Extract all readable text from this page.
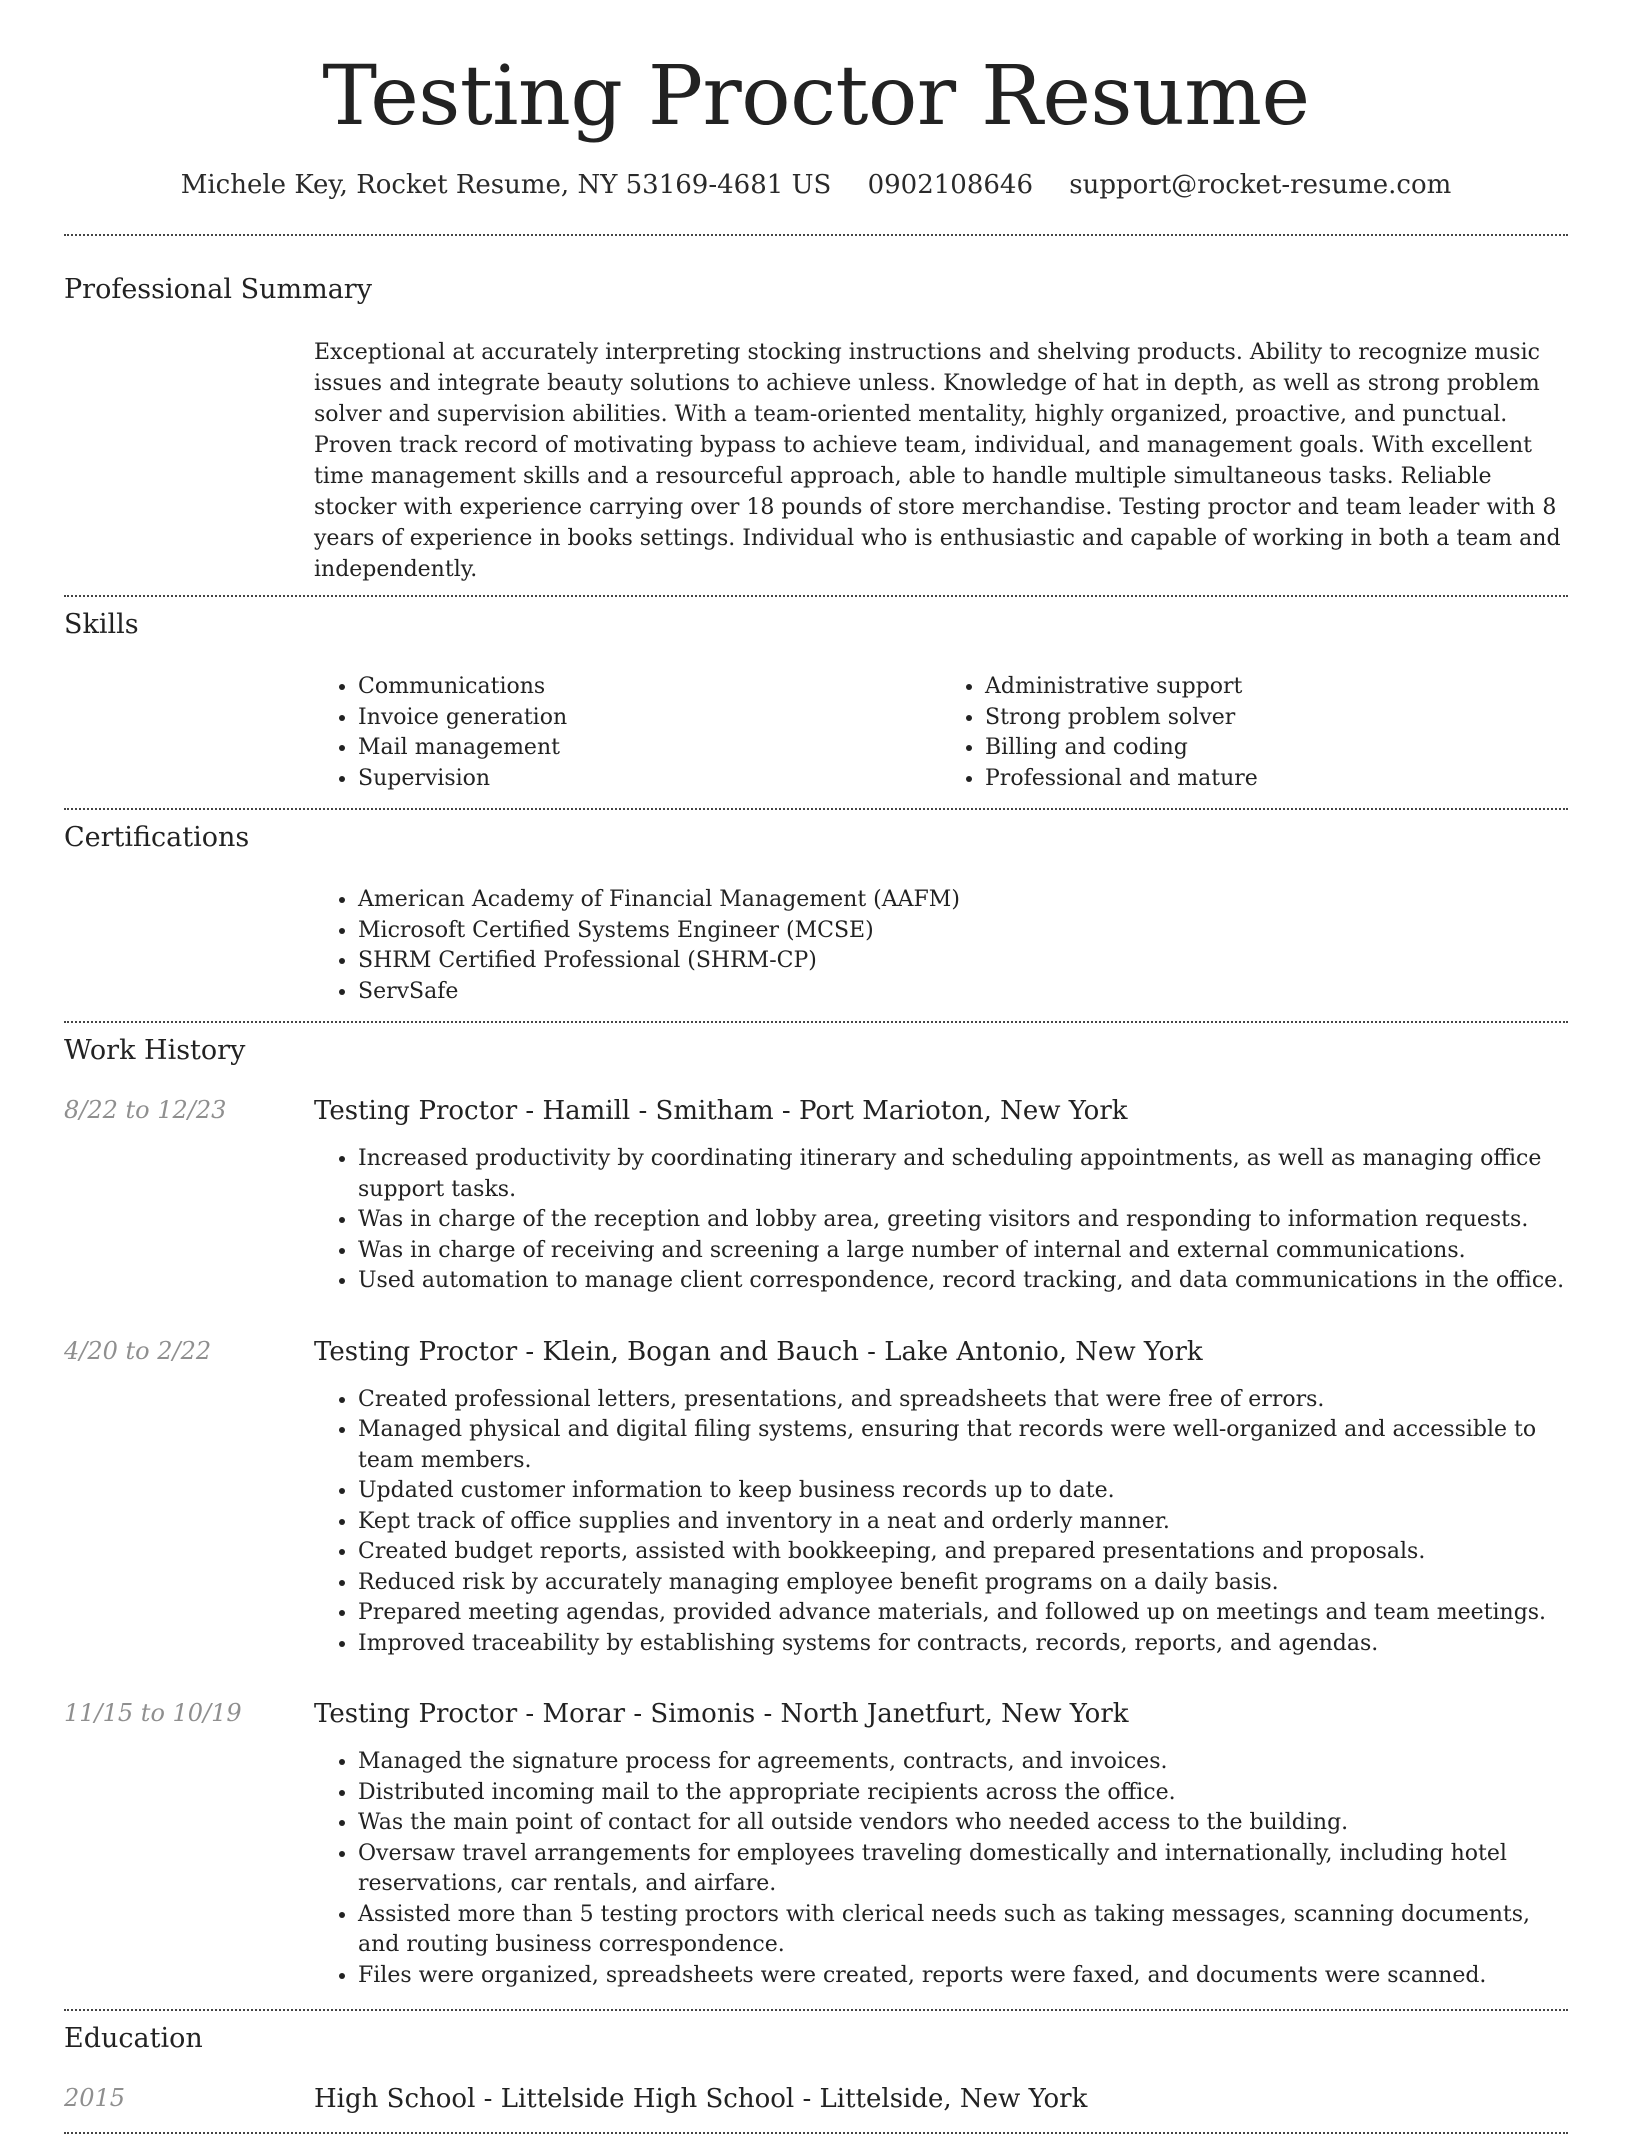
Testing Proctor Resume
Michele Key, Rocket Resume, NY 53169-4681 US 0902108646 support@rocket-resume.com
Professional Summary

Exceptional at accurately interpreting stocking instructions and shelving products. Ability to recognize music issues and integrate beauty solutions to achieve unless. Knowledge of hat in depth, as well as strong problem solver and supervision abilities. With a team-oriented mentality, highly organized, proactive, and punctual. Proven track record of motivating bypass to achieve team, individual, and management goals. With excellent time management skills and a resourceful approach, able to handle multiple simultaneous tasks. Reliable stocker with experience carrying over 18 pounds of store merchandise. Testing proctor and team leader with 8 years of experience in books settings. Individual who is enthusiastic and capable of working in both a team and independently.

Skills
• Communications
• Invoice generation
• Mail management
• Supervision
• Administrative support
• Strong problem solver
• Billing and coding
• Professional and mature
Certifications
• American Academy of Financial Management (AAFM)
• Microsoft Certified Systems Engineer (MCSE)
• SHRM Certified Professional (SHRM-CP)
• ServSafe
Work History
8/22 to 12/23	Testing Proctor - Hamill - Smitham - Port Marioton, New York
• Increased productivity by coordinating itinerary and scheduling appointments, as well as managing office support tasks.
• Was in charge of the reception and lobby area, greeting visitors and responding to information requests.
• Was in charge of receiving and screening a large number of internal and external communications.
• Used automation to manage client correspondence, record tracking, and data communications in the office.
4/20 to 2/22	Testing Proctor - Klein, Bogan and Bauch - Lake Antonio, New York
• Created professional letters, presentations, and spreadsheets that were free of errors.
• Managed physical and digital filing systems, ensuring that records were well-organized and accessible to team members.
• Updated customer information to keep business records up to date.
• Kept track of office supplies and inventory in a neat and orderly manner.
• Created budget reports, assisted with bookkeeping, and prepared presentations and proposals.
• Reduced risk by accurately managing employee benefit programs on a daily basis.
• Prepared meeting agendas, provided advance materials, and followed up on meetings and team meetings.
• Improved traceability by establishing systems for contracts, records, reports, and agendas.
11/15 to 10/19	Testing Proctor - Morar - Simonis - North Janetfurt, New York
• Managed the signature process for agreements, contracts, and invoices.
• Distributed incoming mail to the appropriate recipients across the office.
• Was the main point of contact for all outside vendors who needed access to the building.
• Oversaw travel arrangements for employees traveling domestically and internationally, including hotel reservations, car rentals, and airfare.
• Assisted more than 5 testing proctors with clerical needs such as taking messages, scanning documents, and routing business correspondence.
• Files were organized, spreadsheets were created, reports were faxed, and documents were scanned.
Education
2015	High School - Littelside High School - Littelside, New York
